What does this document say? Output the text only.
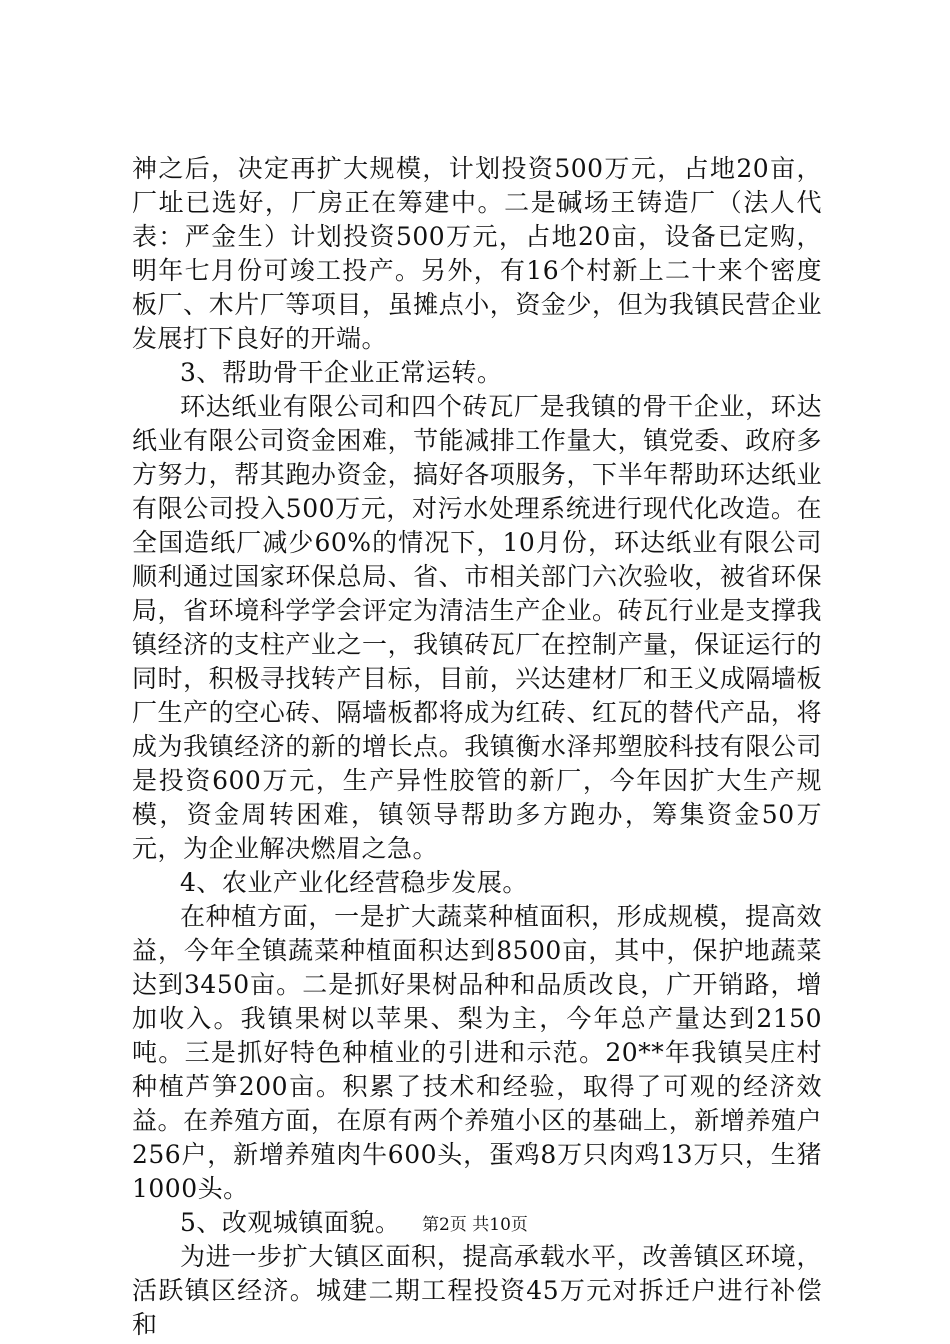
神之后，决定再扩大规模，计划投资500万元，占地20亩，厂址已选好，厂房正在筹建中。二是碱场王铸造厂（法人代表：严金生）计划投资500万元，占地20亩，设备已定购，明年七月份可竣工投产。另外，有16个村新上二十来个密度板厂、木片厂等项目，虽摊点小，资金少，但为我镇民营企业发展打下良好的开端。

3、帮助骨干企业正常运转。

环达纸业有限公司和四个砖瓦厂是我镇的骨干企业，环达纸业有限公司资金困难，节能减排工作量大，镇党委、政府多方努力，帮其跑办资金，搞好各项服务，下半年帮助环达纸业有限公司投入500万元，对污水处理系统进行现代化改造。在全国造纸厂减少60%的情况下，10月份，环达纸业有限公司顺利通过国家环保总局、省、市相关部门六次验收，被省环保局，省环境科学学会评定为清洁生产企业。砖瓦行业是支撑我镇经济的支柱产业之一，我镇砖瓦厂在控制产量，保证运行的同时，积极寻找转产目标，目前，兴达建材厂和王义成隔墙板厂生产的空心砖、隔墙板都将成为红砖、红瓦的替代产品，将成为我镇经济的新的增长点。我镇衡水泽邦塑胶科技有限公司是投资600万元，生产异性胶管的新厂，今年因扩大生产规模，资金周转困难，镇领导帮助多方跑办，筹集资金50万元，为企业解决燃眉之急。

4、农业产业化经营稳步发展。

在种植方面，一是扩大蔬菜种植面积，形成规模，提高效益，今年全镇蔬菜种植面积达到8500亩，其中，保护地蔬菜达到3450亩。二是抓好果树品种和品质改良，广开销路，增加收入。我镇果树以苹果、梨为主，今年总产量达到2150吨。三是抓好特色种植业的引进和示范。20**年我镇吴庄村种植芦笋200亩。积累了技术和经验，取得了可观的经济效益。在养殖方面，在原有两个养殖小区的基础上，新增养殖户256户，新增养殖肉牛600头，蛋鸡8万只肉鸡13万只，生猪1000头。

5、改观城镇面貌。

为进一步扩大镇区面积，提高承载水平，改善镇区环境，活跃镇区经济。城建二期工程投资45万元对拆迁户进行补偿和

第2页 共10页
